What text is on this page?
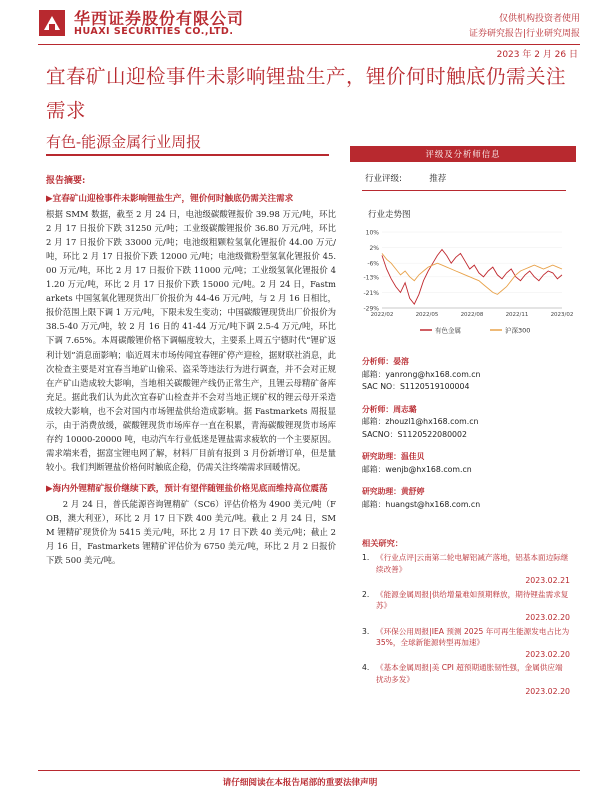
华西证券股份有限公司
HUAXI SECURITIES CO.,LTD.
仅供机构投资者使用
证券研究报告|行业研究周报
2023 年 2 月 26 日
宜春矿山迎检事件未影响锂盐生产，锂价何时触底仍需关注需求
有色-能源金属行业周报
报告摘要:
▶宜春矿山迎检事件未影响锂盐生产，锂价何时触底仍需关注需求

根据 SMM 数据，截至 2 月 24 日，电池级碳酸锂报价 39.98 万元/吨，环比 2 月 17 日报价下跌 31250 元/吨；工业级碳酸锂报价 36.80 万元/吨，环比 2 月 17 日报价下跌 33000 元/吨；电池级粗颗粒氢氧化锂报价 44.00 万元/吨，环比 2 月 17 日报价下跌 12000 元/吨；电池级微粉型氢氧化锂报价 45.00 万元/吨，环比 2 月 17 日报价下跌 11000 元/吨；工业级氢氧化锂报价 41.20 万元/吨，环比 2 月 17 日报价下跌 15000 元/吨。2 月 24 日，Fastmarkets 中国氢氧化锂现货出厂价报价为 44-46 万元/吨，与 2 月 16 日相比，报价范围上限下调 1 万元/吨，下限未发生变动；中国碳酸锂现货出厂价报价为 38.5-40 万元/吨，较 2 月 16 日的 41-44 万元/吨下调 2.5-4 万元/吨，环比下调 7.65%。本周碳酸锂价格下调幅度较大，主要系上周五宁德时代“锂矿返利计划”消息面影响；临近周末市场传闻宜春锂矿停产迎检，据财联社消息，此次检查主要是对宜春当地矿山偷采、盗采等违法行为进行调查，并不会对正规在产矿山造成较大影响，当地相关碳酸锂产线仍正常生产，且锂云母精矿备库充足。据此我们认为此次宜春矿山检查并不会对当地正规矿权的锂云母开采造成较大影响，也不会对国内市场锂盐供给造成影响。据 Fastmarkets 周报显示，由于消费放缓，碳酸锂现货市场库存一直在积累，青海碳酸锂现货市场库存约 10000-20000 吨，电动汽车行业低迷是锂盐需求疲软的一个主要原因。需求端来看，据富宝锂电网了解，材料厂目前有报到 3 月份新增订单，但是量较小。我们判断锂盐价格何时触底企稳，仍需关注终端需求回暖情况。

▶海内外锂精矿报价继续下跌，预计有望伴随锂盐价格见底而维持高位震荡

2 月 24 日，普氏能源咨询锂精矿（SC6）评估价格为 4900 美元/吨（FOB，澳大利亚），环比 2 月 17 日下跌 400 美元/吨。截止 2 月 24 日，SMM 锂精矿现货价为 5415 美元/吨，环比 2 月 17 日下跌 40 美元/吨；截止 2 月 16 日，Fastmarkets 锂精矿评估价为 6750 美元/吨，环比 2 月 2 日报价下跌 500 美元/吨。

评级及分析师信息
行业评级:	推荐
行业走势图
10%
2%
-6%
-13%
-21%
-29%
2022/02	2022/05	2022/08	2022/11	2023/02
有色金属	沪深300
分析师：晏溶
邮箱：yanrong@hx168.com.cn
SAC NO：S1120519100004
分析师：周志璐
邮箱：zhouzl1@hx168.com.cn
SACNO：S1120522080002
研究助理：温佳贝
邮箱：wenjb@hx168.com.cn
研究助理：黄舒婷
邮箱：huangst@hx168.com.cn
相关研究：
1. 《行业点评|云南第二轮电解铝减产落地，铝基本面边际继续改善》
2023.02.21
2. 《能源金属周报|供给增量难如预期释放，期待锂盐需求复苏》
2023.02.20
3. 《环保公用周报|IEA 预测 2025 年可再生能源发电占比为 35%，全球新能源转型再加速》
2023.02.20
4. 《基本金属周报|美 CPI 超预期通胀韧性强，金属供应端扰动多发》
2023.02.20
请仔细阅读在本报告尾部的重要法律声明
